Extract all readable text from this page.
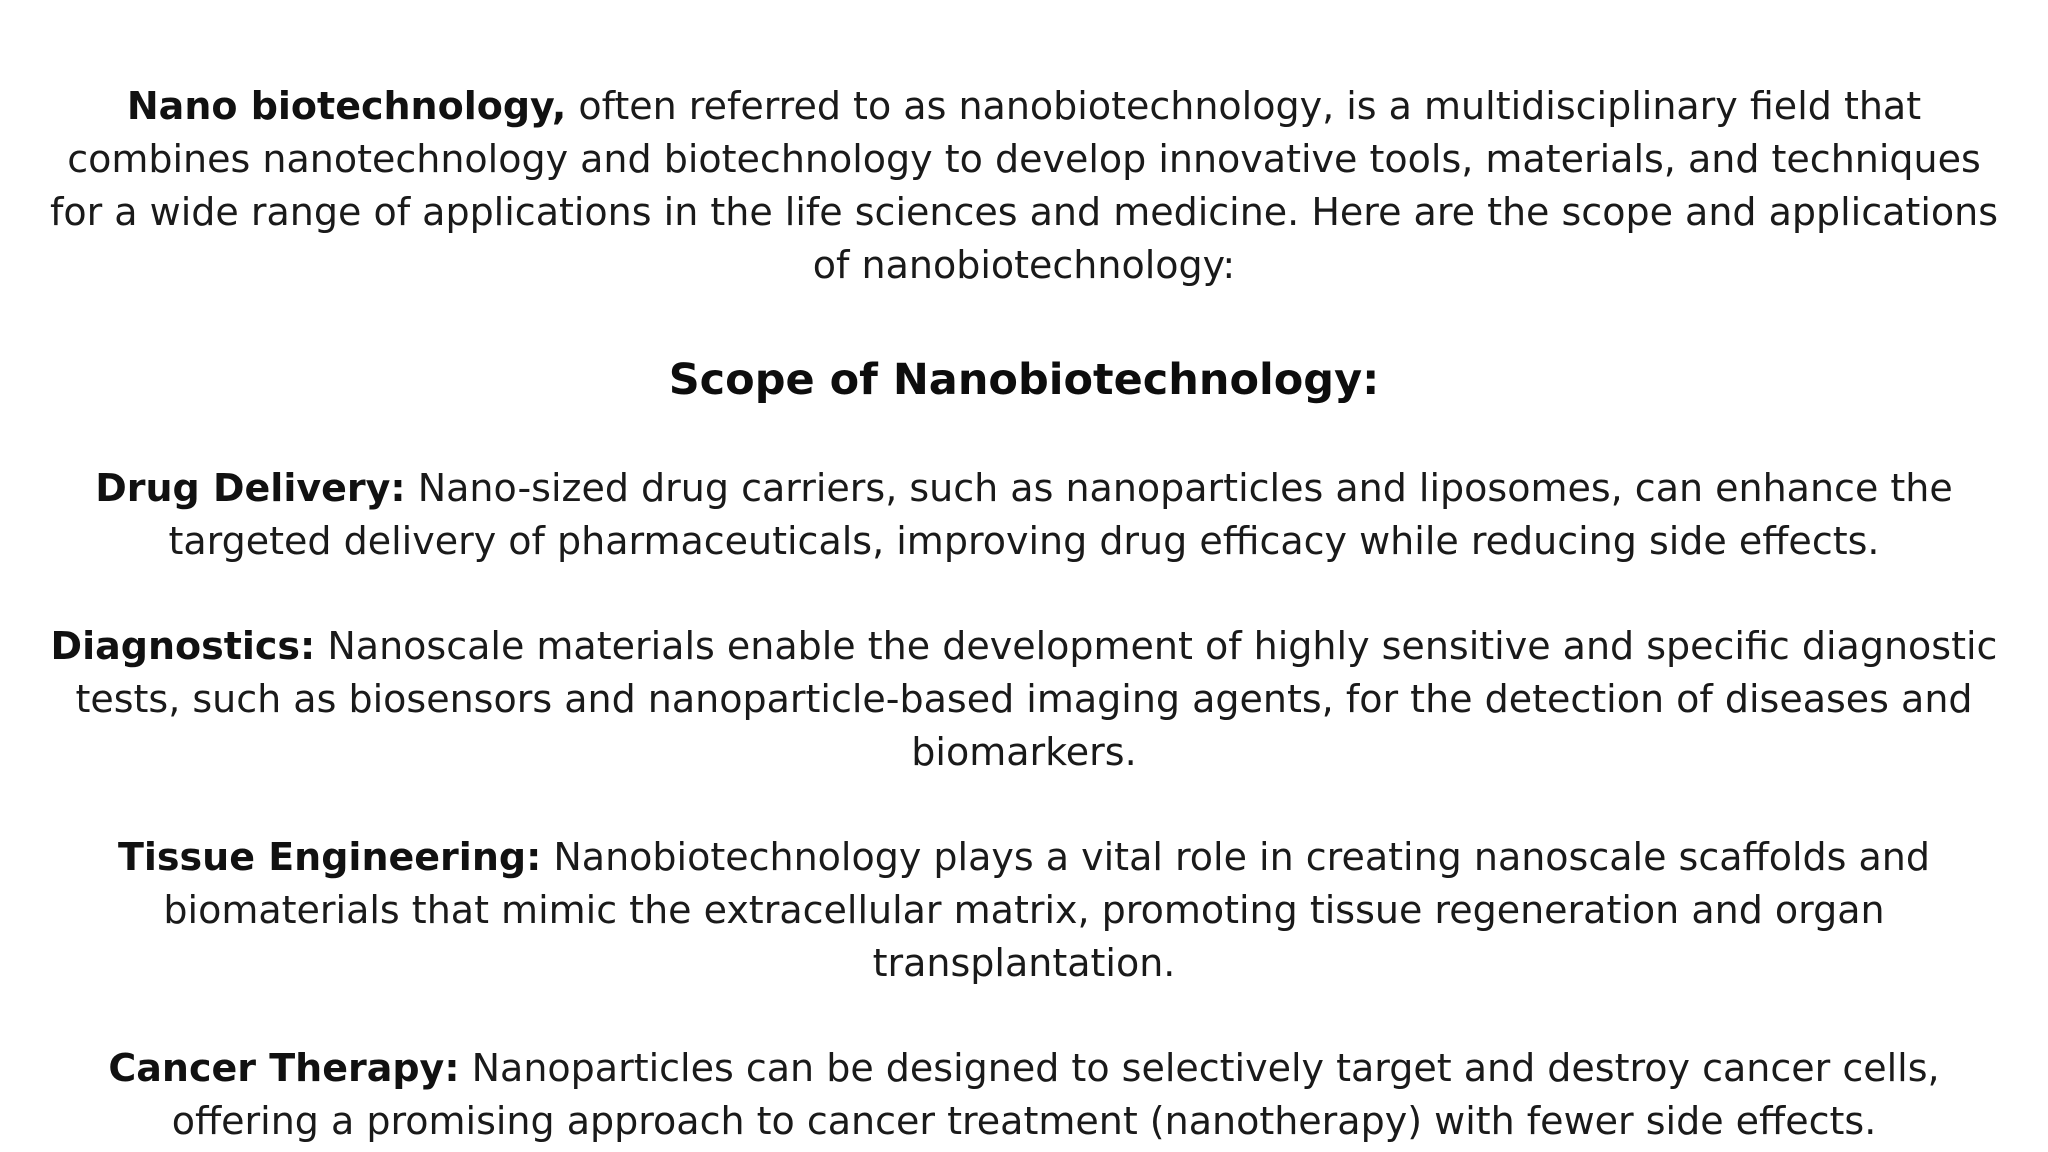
Nano biotechnology, often referred to as nanobiotechnology, is a multidisciplinary field that combines nanotechnology and biotechnology to develop innovative tools, materials, and techniques for a wide range of applications in the life sciences and medicine. Here are the scope and applications of nanobiotechnology:

Scope of Nanobiotechnology:

Drug Delivery: Nano-sized drug carriers, such as nanoparticles and liposomes, can enhance the targeted delivery of pharmaceuticals, improving drug efficacy while reducing side effects.

Diagnostics: Nanoscale materials enable the development of highly sensitive and specific diagnostic tests, such as biosensors and nanoparticle-based imaging agents, for the detection of diseases and biomarkers.

Tissue Engineering: Nanobiotechnology plays a vital role in creating nanoscale scaffolds and biomaterials that mimic the extracellular matrix, promoting tissue regeneration and organ transplantation.

Cancer Therapy: Nanoparticles can be designed to selectively target and destroy cancer cells, offering a promising approach to cancer treatment (nanotherapy) with fewer side effects.
